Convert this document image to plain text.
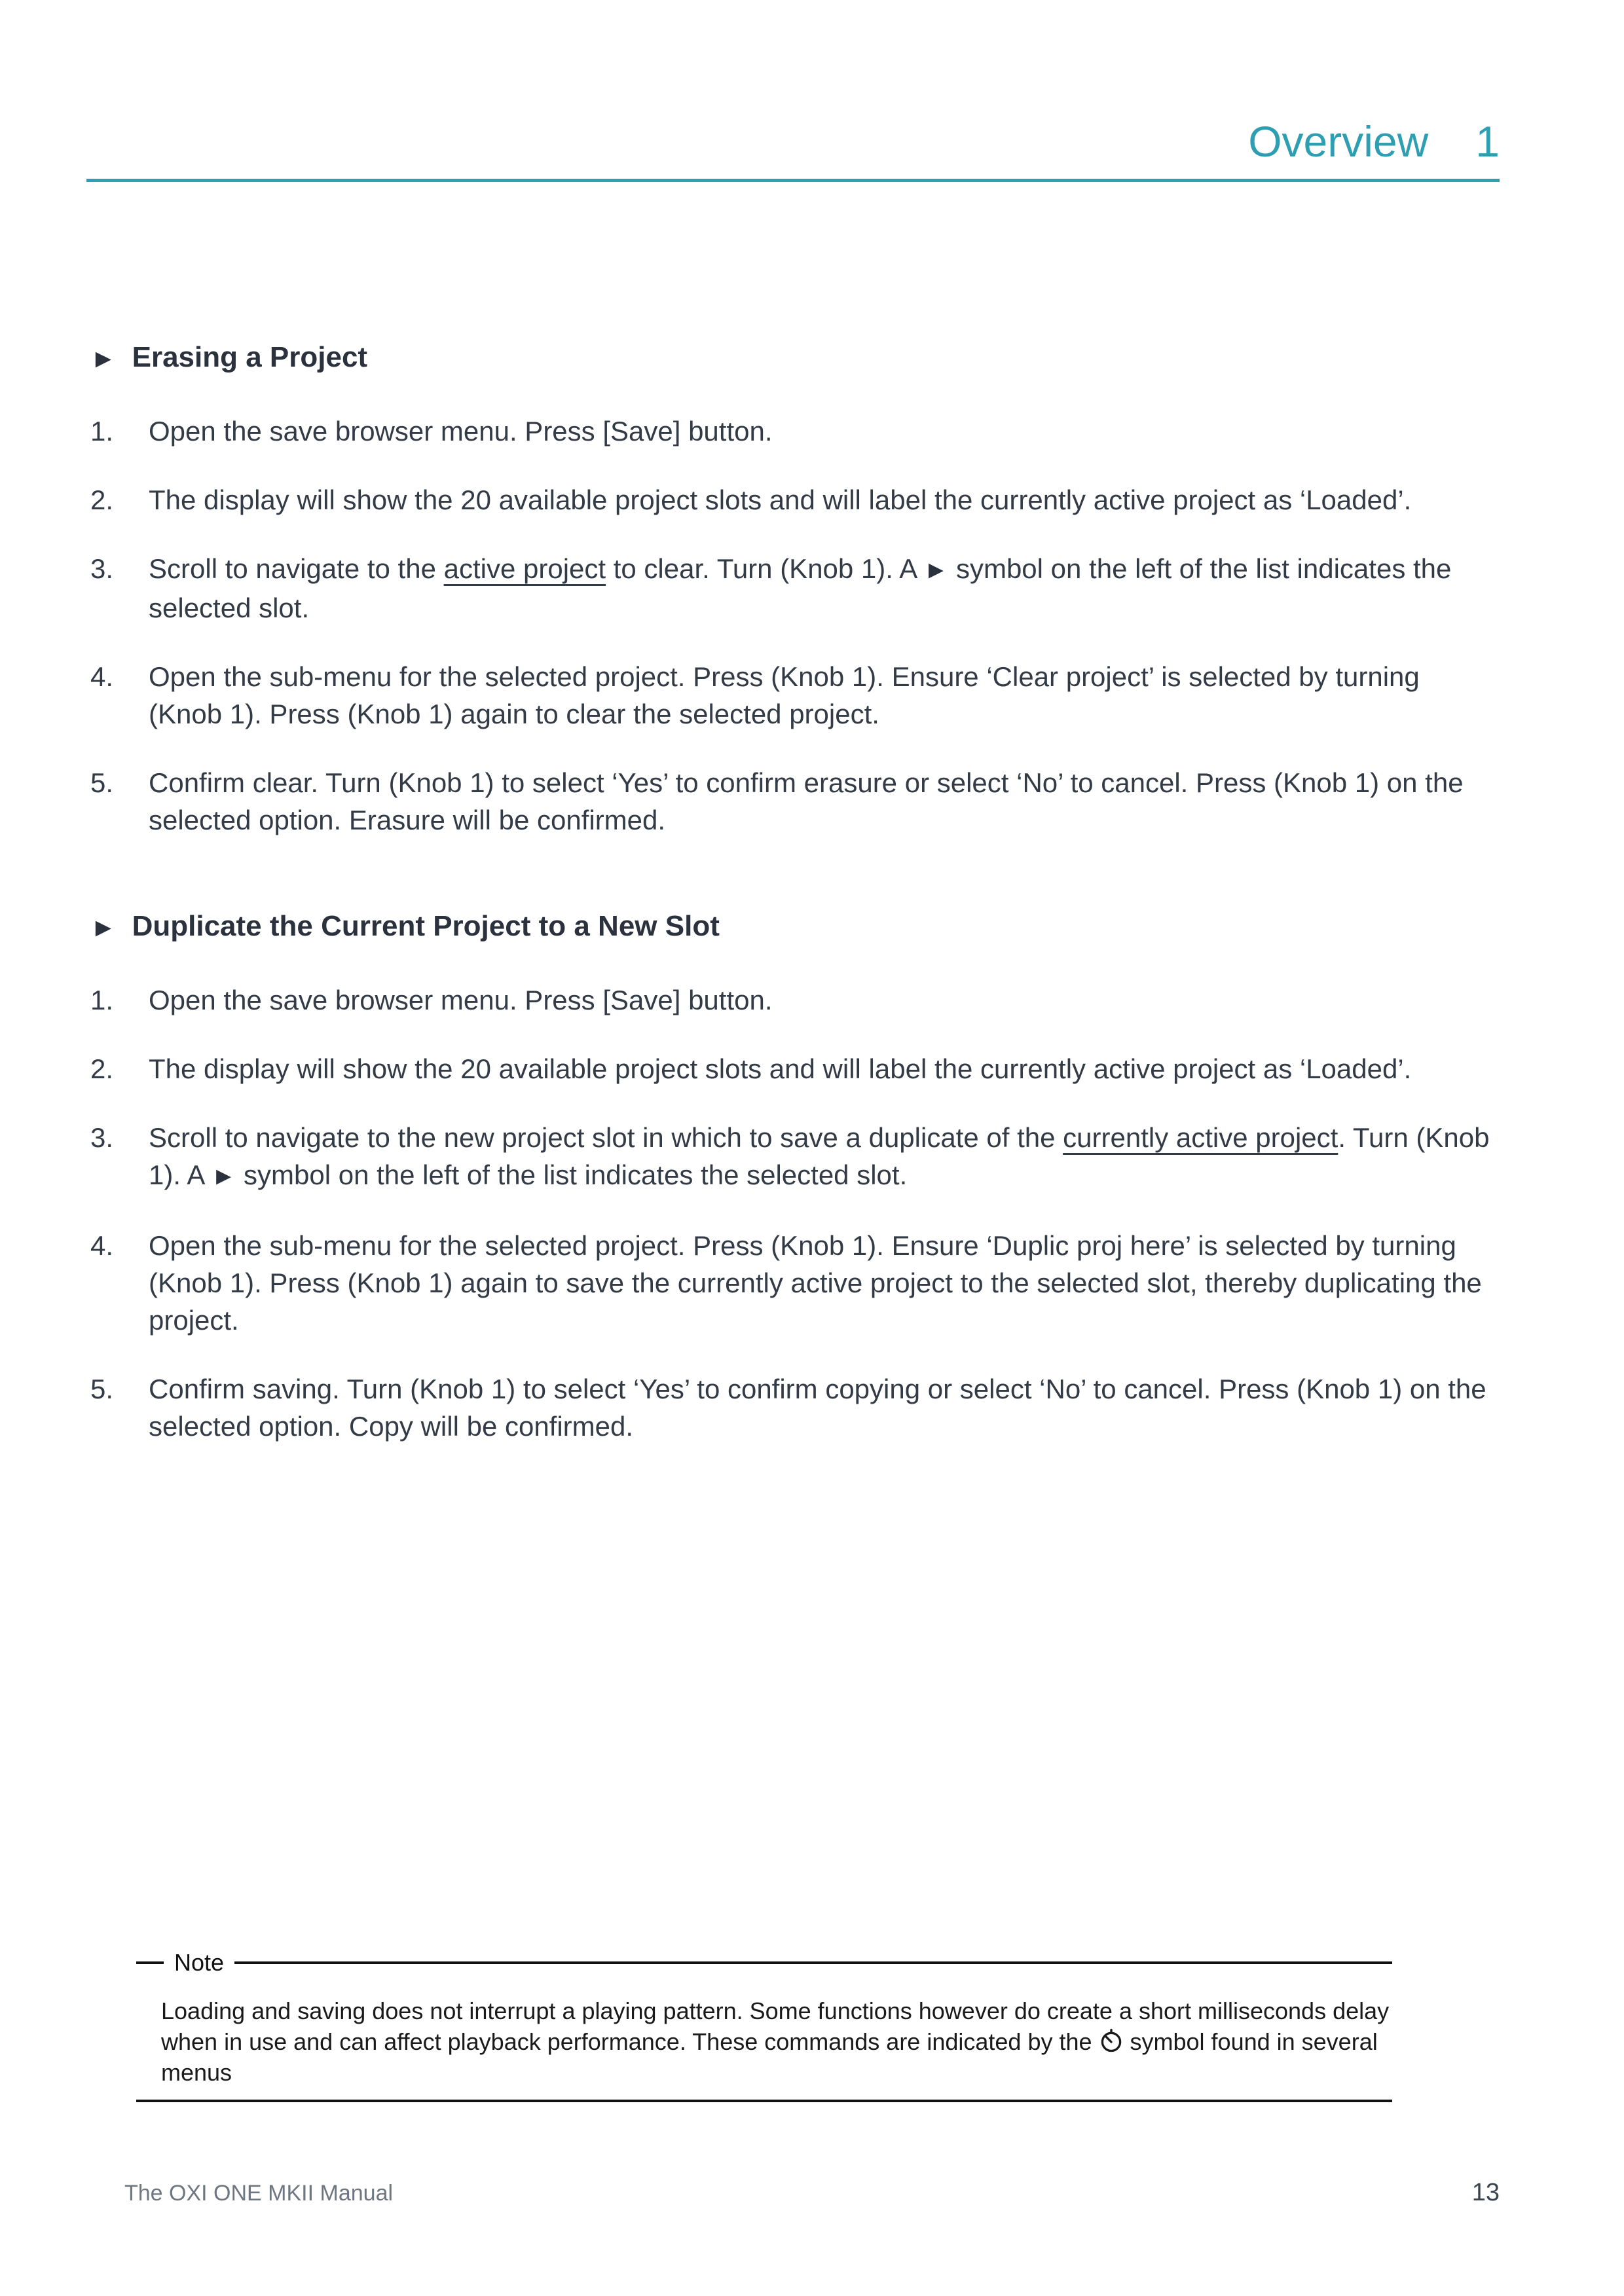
Overview 1
► Erasing a Project
1.	Open the save browser menu. Press [Save] button.
2.	The display will show the 20 available project slots and will label the currently active project as ‘Loaded’.
3.	Scroll to navigate to the active project to clear. Turn (Knob 1). A ► symbol on the left of the list indicates the selected slot.
4.	Open the sub-menu for the selected project. Press (Knob 1). Ensure ‘Clear project’ is selected by turning (Knob 1). Press (Knob 1) again to clear the selected project.
5.	Confirm clear. Turn (Knob 1) to select ‘Yes’ to confirm erasure or select ‘No’ to cancel. Press (Knob 1) on the selected option. Erasure will be confirmed.
► Duplicate the Current Project to a New Slot
1.	Open the save browser menu. Press [Save] button.
2.	The display will show the 20 available project slots and will label the currently active project as ‘Loaded’.
3.	Scroll to navigate to the new project slot in which to save a duplicate of the currently active project. Turn (Knob 1). A ► symbol on the left of the list indicates the selected slot.
4.	Open the sub-menu for the selected project. Press (Knob 1). Ensure ‘Duplic proj here’ is selected by turning (Knob 1). Press (Knob 1) again to save the currently active project to the selected slot, thereby duplicating the project.
5.	Confirm saving. Turn (Knob 1) to select ‘Yes’ to confirm copying or select ‘No’ to cancel. Press (Knob 1) on the selected option. Copy will be confirmed.
Note
Loading and saving does not interrupt a playing pattern. Some functions however do create a short milliseconds delay when in use and can affect playback performance. These commands are indicated by the symbol found in several menus
The OXI ONE MKII Manual	13
